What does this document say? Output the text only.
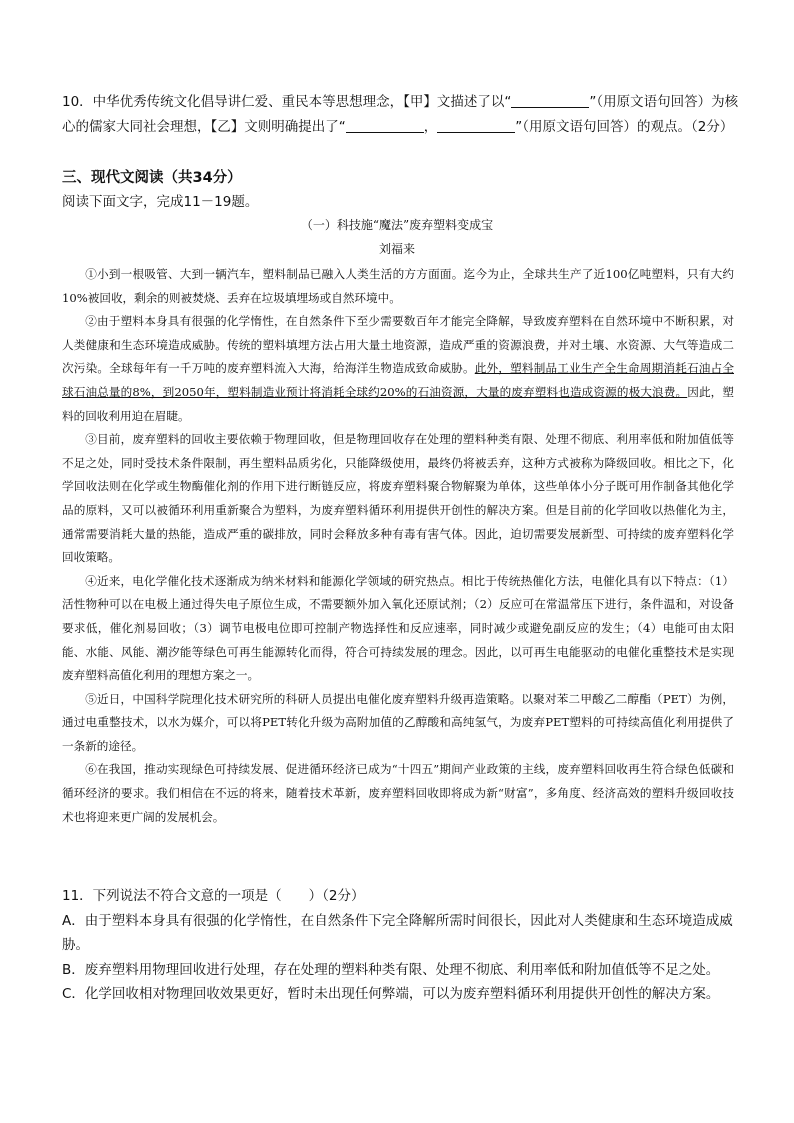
10．中华优秀传统文化倡导讲仁爱、重民本等思想理念，【甲】文描述了以“	”（用原文语句回答）为核心的儒家大同社会理想，【乙】文则明确提出了“	，	”（用原文语句回答）的观点。（2分）
三、现代文阅读（共34分）
阅读下面文字，完成11－19题。
（一）科技施“魔法”废弃塑料变成宝
刘福来

①小到一根吸管、大到一辆汽车，塑料制品已融入人类生活的方方面面。迄今为止，全球共生产了近100亿吨塑料，只有大约10%被回收，剩余的则被焚烧、丢弃在垃圾填埋场或自然环境中。

②由于塑料本身具有很强的化学惰性，在自然条件下至少需要数百年才能完全降解，导致废弃塑料在自然环境中不断积累，对人类健康和生态环境造成威胁。传统的塑料填埋方法占用大量土地资源，造成严重的资源浪费，并对土壤、水资源、大气等造成二次污染。全球每年有一千万吨的废弃塑料流入大海，给海洋生物造成致命威胁。此外，塑料制品工业生产全生命周期消耗石油占全球石油总量的8%，到2050年，塑料制造业预计将消耗全球约20%的石油资源，大量的废弃塑料也造成资源的极大浪费。因此，塑料的回收利用迫在眉睫。

③目前，废弃塑料的回收主要依赖于物理回收，但是物理回收存在处理的塑料种类有限、处理不彻底、利用率低和附加值低等不足之处，同时受技术条件限制，再生塑料品质劣化，只能降级使用，最终仍将被丢弃，这种方式被称为降级回收。相比之下，化学回收法则在化学或生物酶催化剂的作用下进行断链反应，将废弃塑料聚合物解聚为单体，这些单体小分子既可用作制备其他化学品的原料，又可以被循环利用重新聚合为塑料，为废弃塑料循环利用提供开创性的解决方案。但是目前的化学回收以热催化为主，通常需要消耗大量的热能，造成严重的碳排放，同时会释放多种有毒有害气体。因此，迫切需要发展新型、可持续的废弃塑料化学回收策略。

④近来，电化学催化技术逐渐成为纳米材料和能源化学领域的研究热点。相比于传统热催化方法，电催化具有以下特点：（1）活性物种可以在电极上通过得失电子原位生成，不需要额外加入氧化还原试剂；（2）反应可在常温常压下进行，条件温和，对设备要求低，催化剂易回收；（3）调节电极电位即可控制产物选择性和反应速率，同时减少或避免副反应的发生；（4）电能可由太阳能、水能、风能、潮汐能等绿色可再生能源转化而得，符合可持续发展的理念。因此，以可再生电能驱动的电催化重整技术是实现废弃塑料高值化利用的理想方案之一。

⑤近日，中国科学院理化技术研究所的科研人员提出电催化废弃塑料升级再造策略。以聚对苯二甲酸乙二醇酯（PET）为例，通过电重整技术，以水为媒介，可以将PET转化升级为高附加值的乙醇酸和高纯氢气，为废弃PET塑料的可持续高值化利用提供了一条新的途径。

⑥在我国，推动实现绿色可持续发展、促进循环经济已成为“十四五”期间产业政策的主线，废弃塑料回收再生符合绿色低碳和循环经济的要求。我们相信在不远的将来，随着技术革新，废弃塑料回收即将成为新“财富”，多角度、经济高效的塑料升级回收技术也将迎来更广阔的发展机会。

11．下列说法不符合文意的一项是（　　）（2分）

A．由于塑料本身具有很强的化学惰性，在自然条件下完全降解所需时间很长，因此对人类健康和生态环境造成威胁。

B．废弃塑料用物理回收进行处理，存在处理的塑料种类有限、处理不彻底、利用率低和附加值低等不足之处。

C．化学回收相对物理回收效果更好，暂时未出现任何弊端，可以为废弃塑料循环利用提供开创性的解决方案。
